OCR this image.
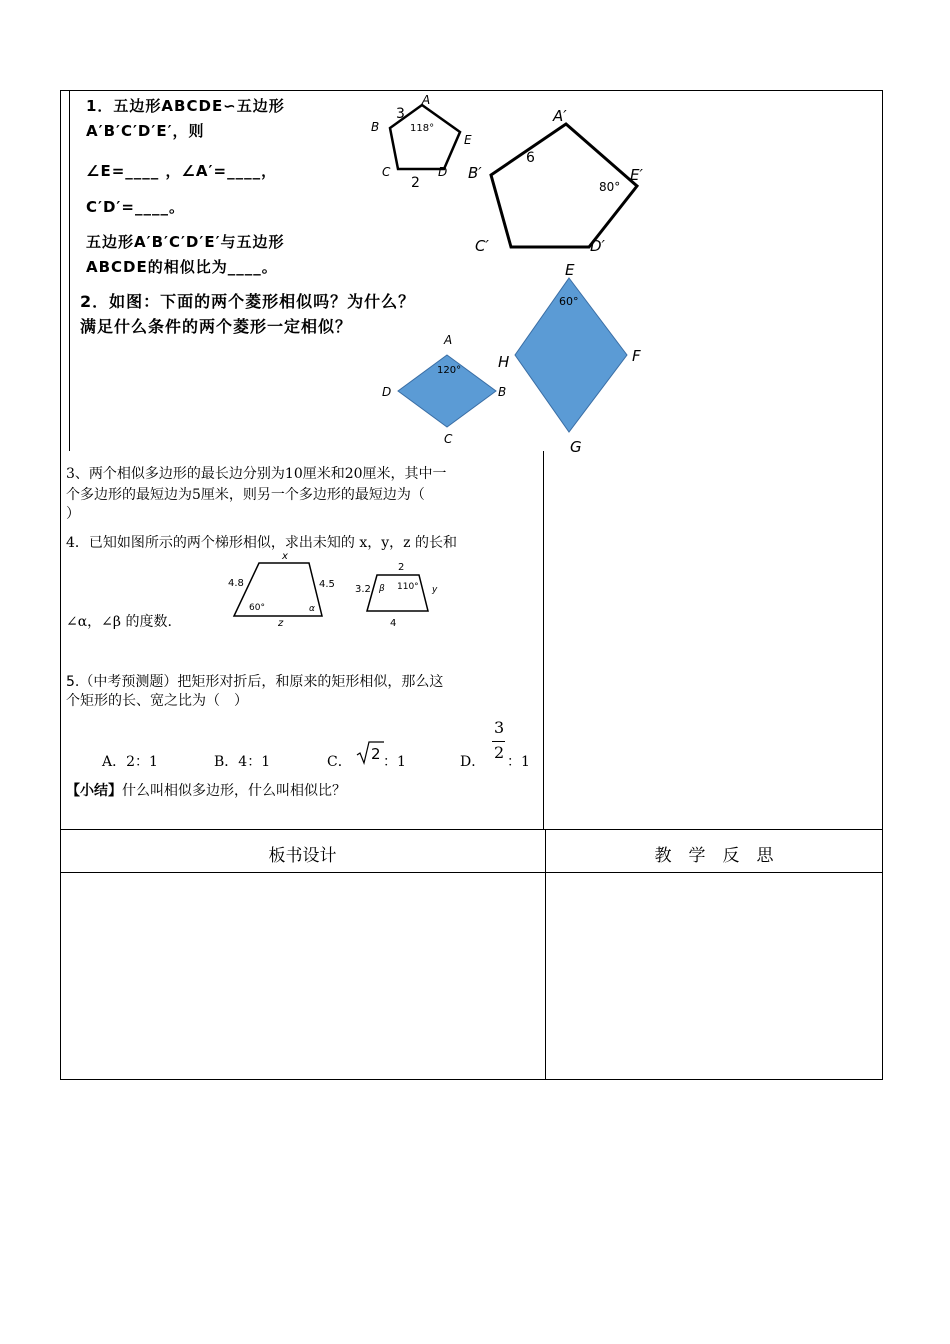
1．五边形ABCDE∽五边形
A′B′C′D′E′，则
∠E=____ ，∠A′=____，
C′D′=____。
五边形A′B′C′D′E′与五边形
ABCDE的相似比为____。
A
B
C	D
E
3
2
118°
A′
B′
C′	D′
E′
6
80°
2．如图：下面的两个菱形相似吗？为什么？
满足什么条件的两个菱形一定相似？
A
B
C
D
120°
E
F
G
H
60°
3、两个相似多边形的最长边分别为10厘米和20厘米，其中一
个多边形的最短边为5厘米，则另一个多边形的最短边为（
）
4．已知如图所示的两个梯形相似，求出未知的 x，y，z 的长和
∠α，∠β 的度数.
x
4.8	4.5
z
60°	α
2
3.2	y
4
β 110°
5.（中考预测题）把矩形对折后，和原来的矩形相似，那么这
个矩形的长、宽之比为（　）
A．2：1	B．4：1	C． 2 ：1	D．
3
2 ：1
【小结】什么叫相似多边形，什么叫相似比？
板书设计	教　学　反　思
